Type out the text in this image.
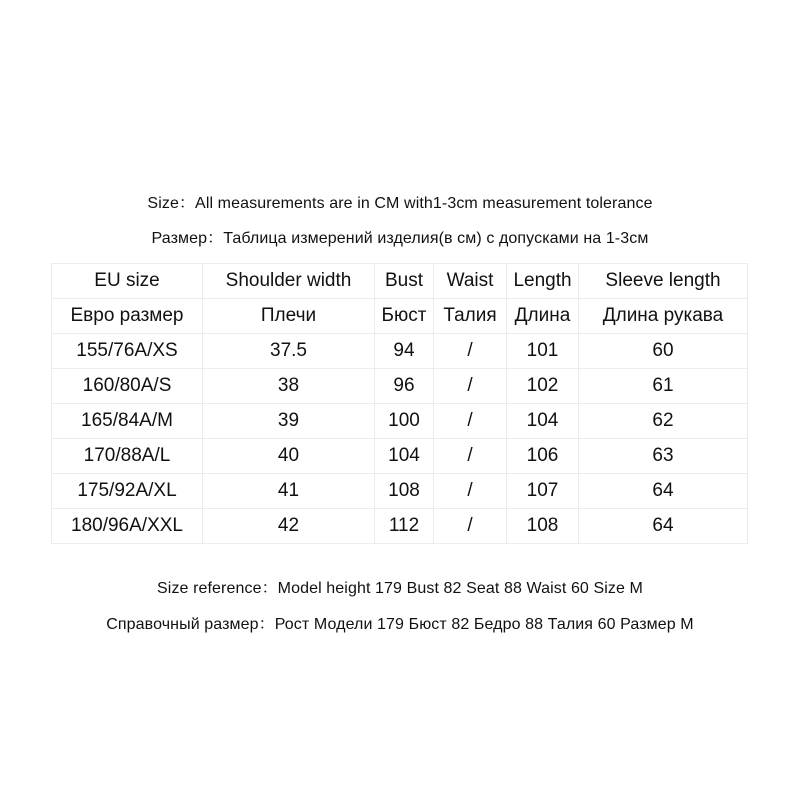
Size：All measurements are in CM with1-3cm measurement tolerance
Размер：Таблица измерений изделия(в см) с допусками на 1-3см
EU size	Shoulder width	Bust	Waist	Length	Sleeve length
Евро размер	Плечи	Бюст	Талия	Длина	Длина рукава
155/76A/XS	37.5	94	/	101	60
160/80A/S	38	96	/	102	61
165/84A/M	39	100	/	104	62
170/88A/L	40	104	/	106	63
175/92A/XL	41	108	/	107	64
180/96A/XXL	42	112	/	108	64
Size reference：Model height 179 Bust 82 Seat 88 Waist 60 Size M
Справочный размер：Рост Модели 179 Бюст 82 Бедро 88 Талия 60 Размер M
